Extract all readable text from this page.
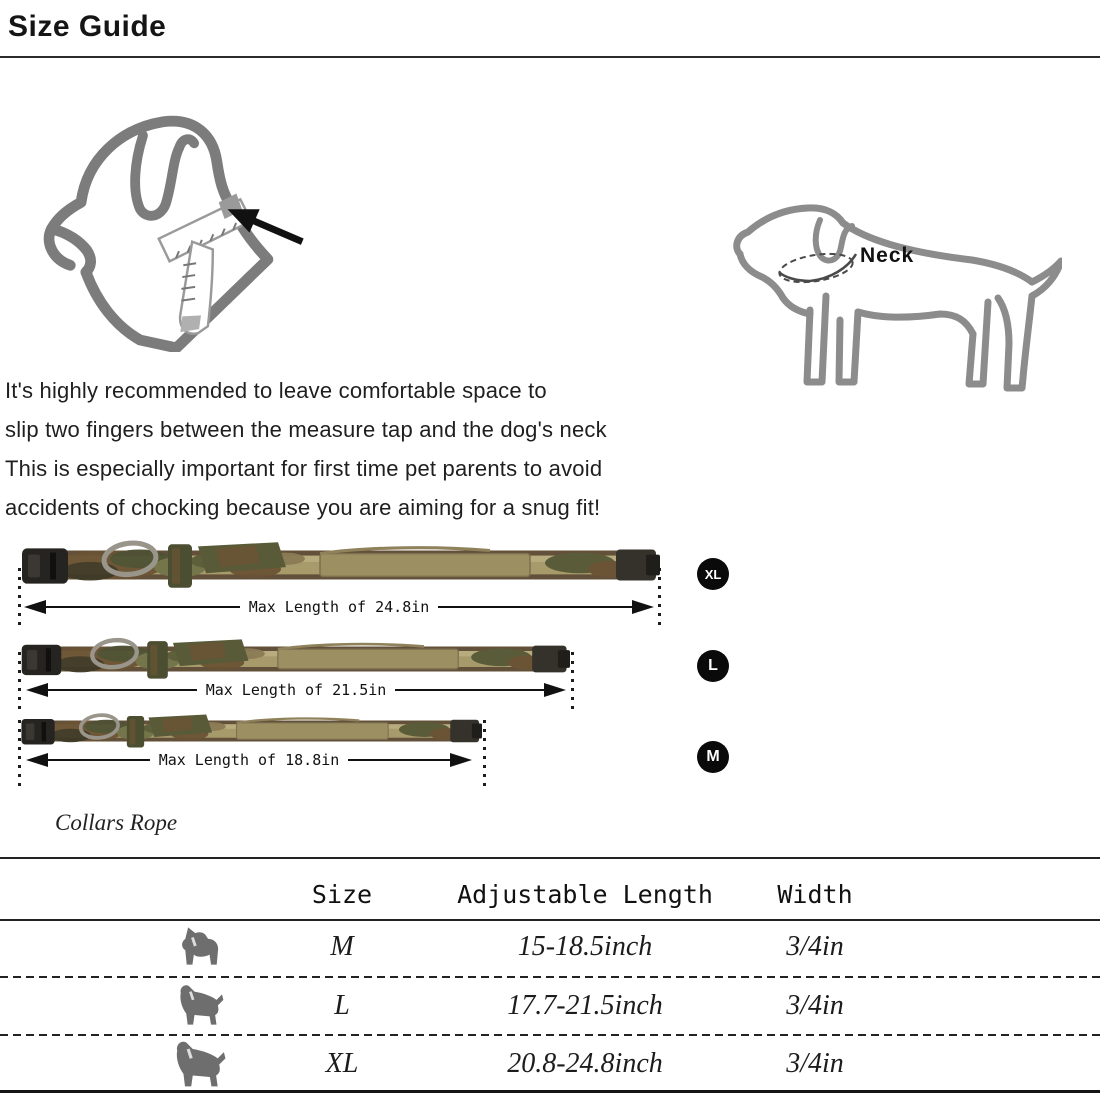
Size Guide
Neck
It's highly recommended to leave comfortable space to
slip two fingers between the measure tap and the dog's neck
This is especially important for first time pet parents to avoid
accidents of chocking because you are aiming for a snug fit!
Max Length of 24.8in
XL
Max Length of 21.5in
L
Max Length of 18.8in	M
Collars Rope
Size	Adjustable Length	Width
M	15-18.5inch	3/4in
L	17.7-21.5inch	3/4in
XL	20.8-24.8inch	3/4in
